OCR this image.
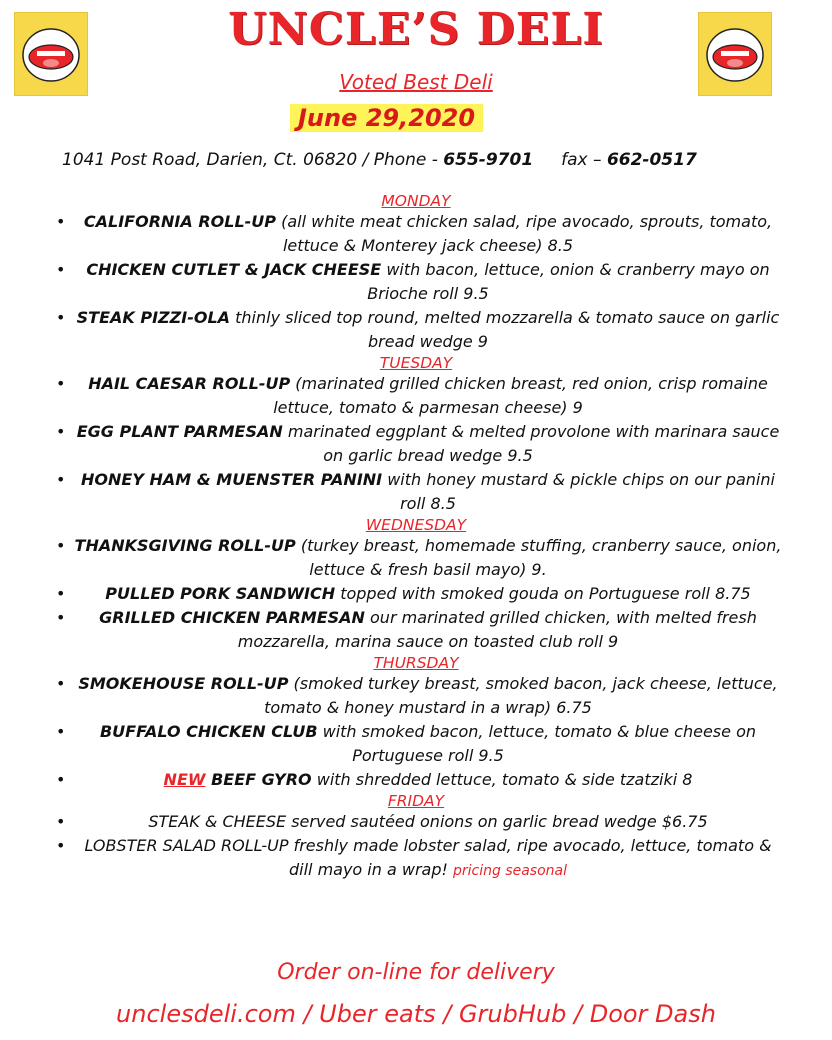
UNCLE’S DELI
Voted Best Deli
June 29,2020
1041 Post Road, Darien, Ct. 06820 / Phone - 655-9701 fax – 662-0517
MONDAY
• CALIFORNIA ROLL-UP (all white meat chicken salad, ripe avocado, sprouts, tomato, lettuce & Monterey jack cheese) 8.5
• CHICKEN CUTLET & JACK CHEESE with bacon, lettuce, onion & cranberry mayo on Brioche roll 9.5
• STEAK PIZZI-OLA thinly sliced top round, melted mozzarella & tomato sauce on garlic bread wedge 9
TUESDAY
• HAIL CAESAR ROLL-UP (marinated grilled chicken breast, red onion, crisp romaine lettuce, tomato & parmesan cheese) 9
• EGG PLANT PARMESAN marinated eggplant & melted provolone with marinara sauce on garlic bread wedge 9.5
• HONEY HAM & MUENSTER PANINI with honey mustard & pickle chips on our panini roll 8.5
WEDNESDAY
• THANKSGIVING ROLL-UP (turkey breast, homemade stuffing, cranberry sauce, onion, lettuce & fresh basil mayo) 9.
• PULLED PORK SANDWICH topped with smoked gouda on Portuguese roll 8.75
• GRILLED CHICKEN PARMESAN our marinated grilled chicken, with melted fresh mozzarella, marina sauce on toasted club roll 9
THURSDAY
• SMOKEHOUSE ROLL-UP (smoked turkey breast, smoked bacon, jack cheese, lettuce, tomato & honey mustard in a wrap) 6.75
• BUFFALO CHICKEN CLUB with smoked bacon, lettuce, tomato & blue cheese on Portuguese roll 9.5
•	NEW BEEF GYRO with shredded lettuce, tomato & side tzatziki 8
FRIDAY
•	STEAK & CHEESE served sautéed onions on garlic bread wedge $6.75
• LOBSTER SALAD ROLL-UP freshly made lobster salad, ripe avocado, lettuce, tomato & dill mayo in a wrap! pricing seasonal
Order on-line for delivery
unclesdeli.com / Uber eats / GrubHub / Door Dash
